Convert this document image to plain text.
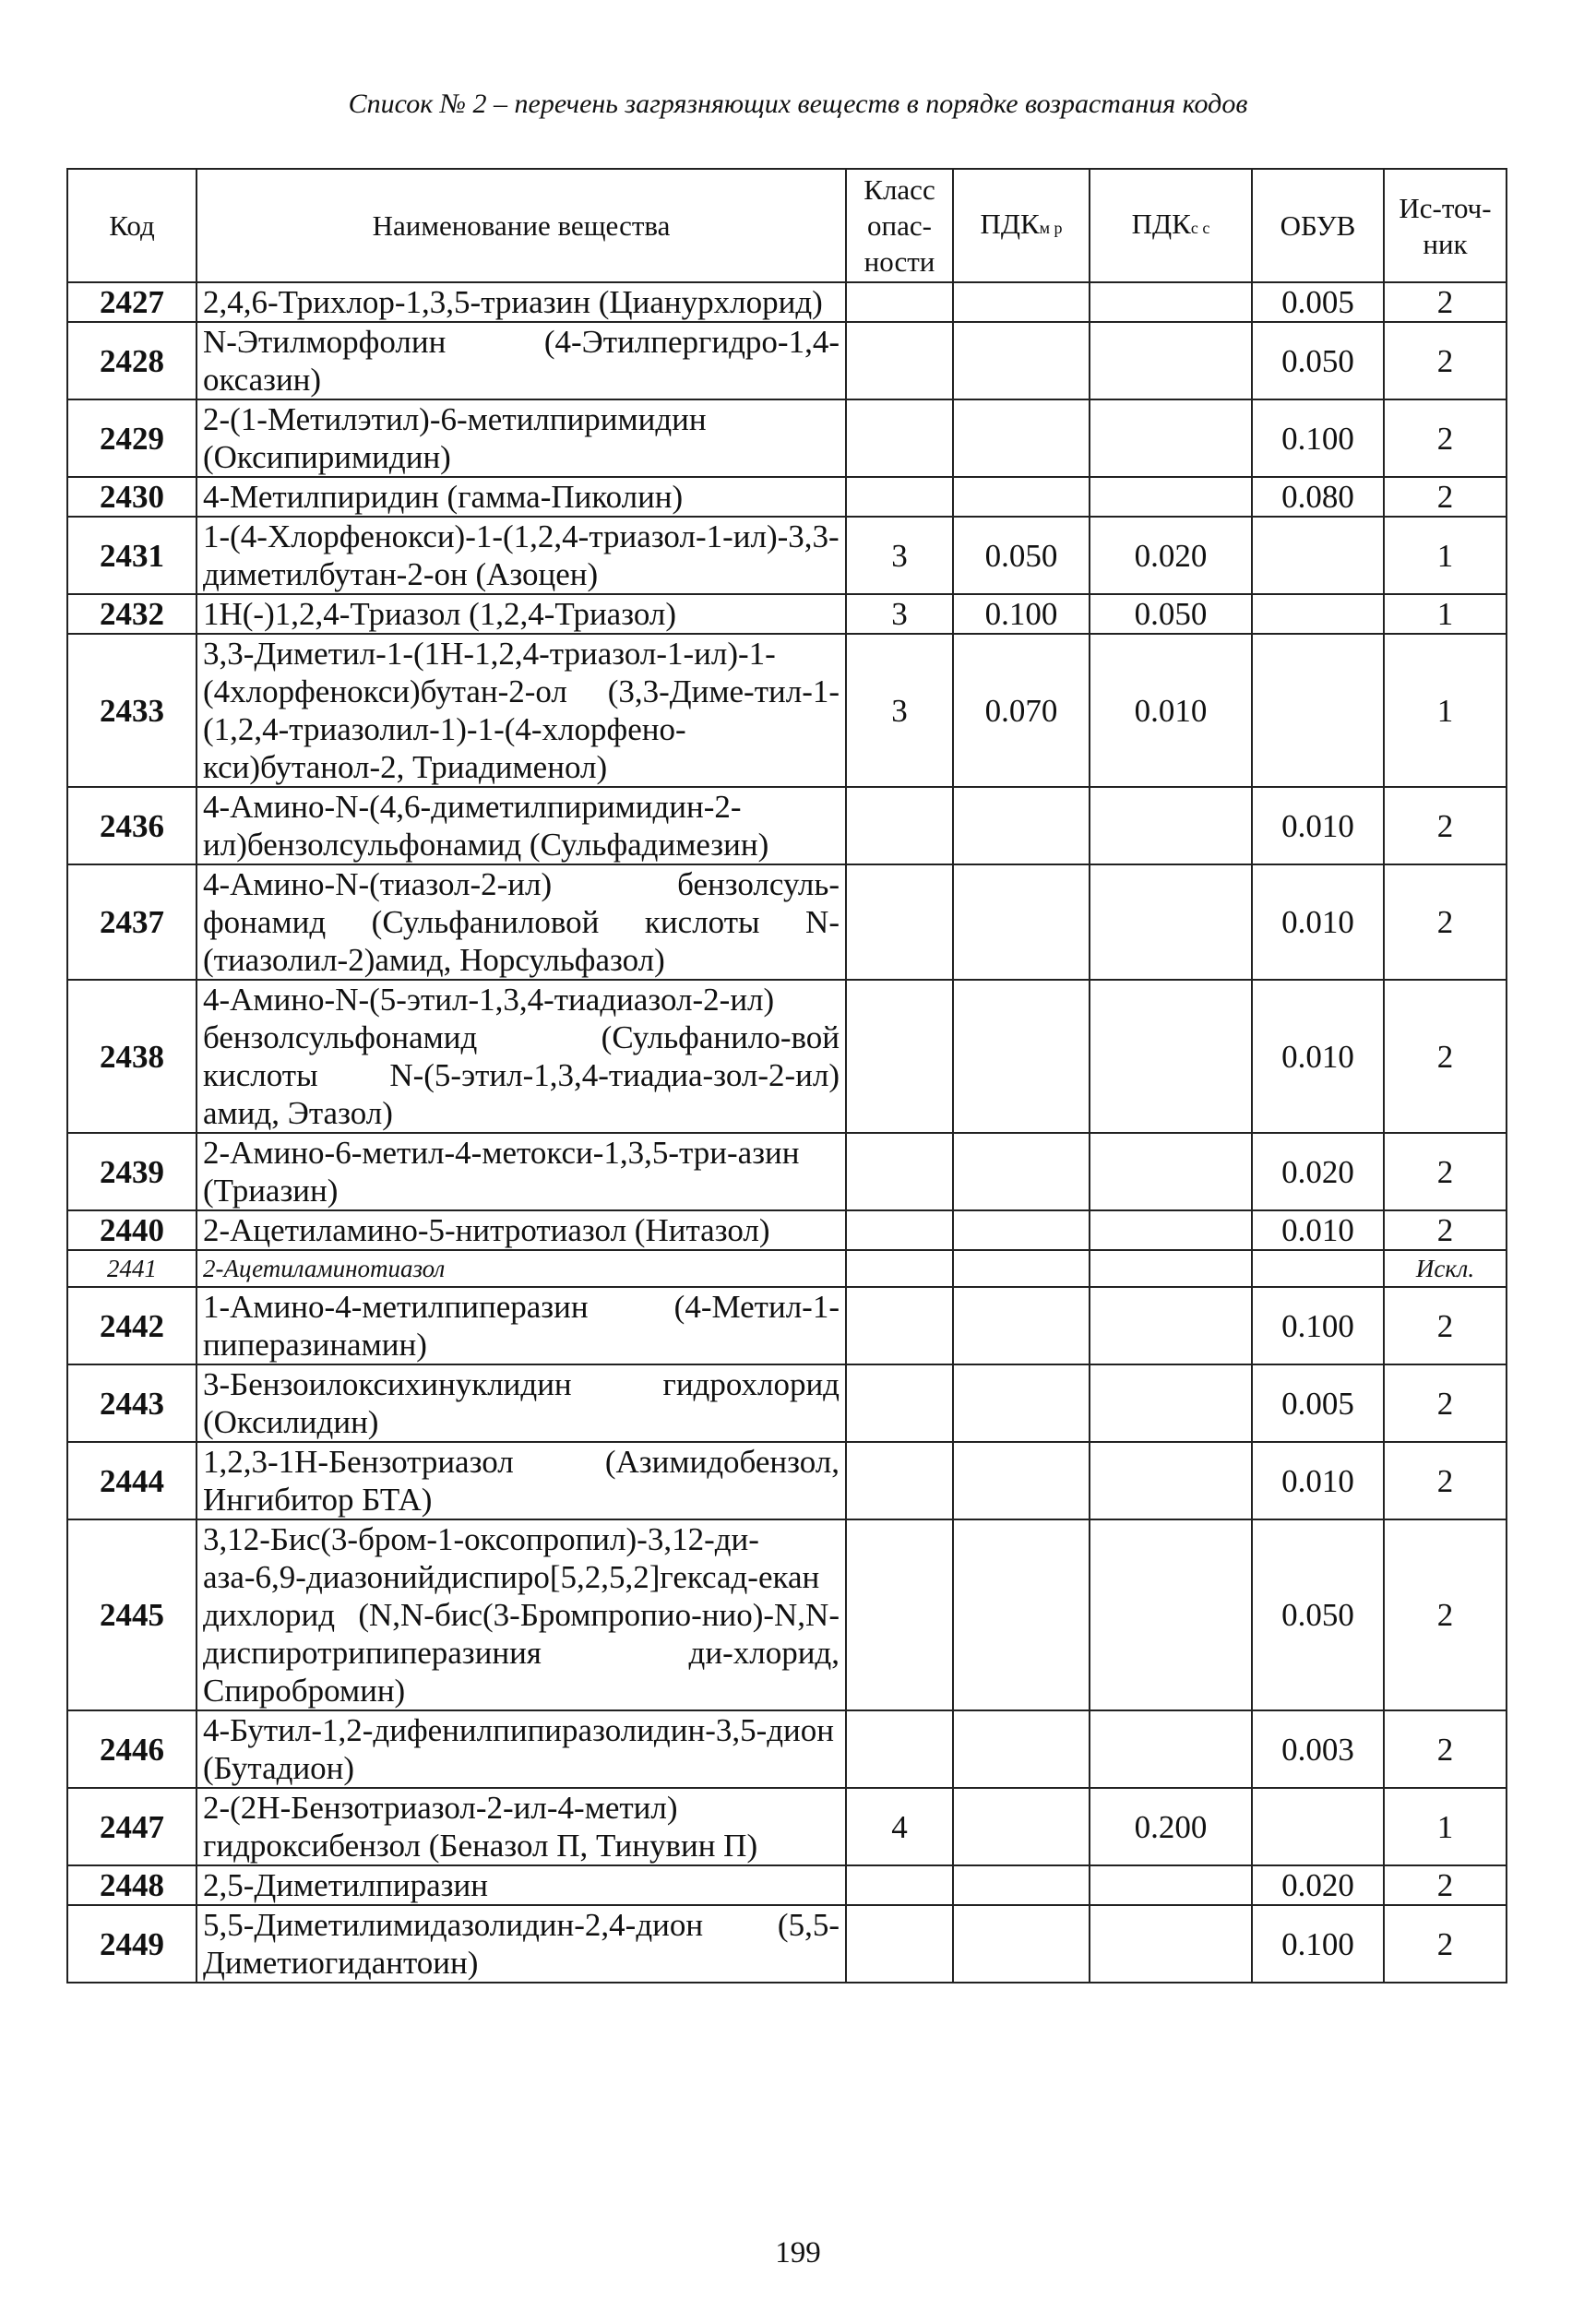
Список № 2 – перечень загрязняющих веществ в порядке возрастания кодов
Код	Наименование вещества	Класс опас-ности	ПДКм р	ПДКс с	ОБУВ	Ис-точ-ник
2427	2,4,6-Трихлор-1,3,5-триазин (Циануpхлорид)				0.005	2
2428	N-Этилморфолин (4-Этилпергидро-1,4-оксазин)				0.050	2
2429	2-(1-Метилэтил)-6-метилпиримидин (Оксипиримидин)				0.100	2
2430	4-Метилпиридин (гамма-Пиколин)				0.080	2
2431	1-(4-Хлорфенокси)-1-(1,2,4-триазол-1-ил)-3,3-диметилбутан-2-он (Азоцен)	3	0.050	0.020		1
2432	1Н(-)1,2,4-Триазол (1,2,4-Триазол)	3	0.100	0.050		1
2433	3,3-Диметил-1-(1Н-1,2,4-триазол-1-ил)-1-(4хлорфенокси)бутан-2-ол (3,3-Диме-тил-1-(1,2,4-триазолил-1)-1-(4-хлорфено-кси)бутанол-2, Триадименол)	3	0.070	0.010		1
2436	4-Амино-N-(4,6-диметилпиримидин-2-ил)бензолсульфонамид (Сульфадимезин)				0.010	2
2437	4-Амино-N-(тиазол-2-ил) бензолсуль-фонамид (Сульфаниловой кислоты N-(тиазолил-2)амид, Норсульфазол)				0.010	2
2438	4-Амино-N-(5-этил-1,3,4-тиадиазол-2-ил) бензолсульфонамид (Сульфанило-вой кислоты N-(5-этил-1,3,4-тиадиа-зол-2-ил) амид, Этазол)				0.010	2
2439	2-Амино-6-метил-4-метокси-1,3,5-три-азин (Триазин)				0.020	2
2440	2-Ацетиламино-5-нитротиазол (Нитазол)				0.010	2
2441	2-Ацетиламинотиазол					Искл.
2442	1-Амино-4-метилпиперазин (4-Метил-1-пиперазинамин)				0.100	2
2443	3-Бензоилоксихинуклидин гидрохлорид (Оксилидин)				0.005	2
2444	1,2,3-1Н-Бензотриазол (Азимидобензол, Ингибитор БТА)				0.010	2
2445	3,12-Бис(3-бром-1-оксопропил)-3,12-ди-аза-6,9-диазонийдиспиро[5,2,5,2]гексад-екан дихлорид (N,N-бис(3-Бромпропио-нио)-N,N-диспиротрипиперазиния ди-хлорид, Спиробромин)				0.050	2
2446	4-Бутил-1,2-дифенилпипиразолидин-3,5-дион (Бутадион)				0.003	2
2447	2-(2Н-Бензотриазол-2-ил-4-метил) гидроксибензол (Беназол П, Тинувин П)	4		0.200		1
2448	2,5-Диметилпиразин				0.020	2
2449	5,5-Диметилимидазолидин-2,4-дион (5,5-Диметиогидантоин)				0.100	2
199
